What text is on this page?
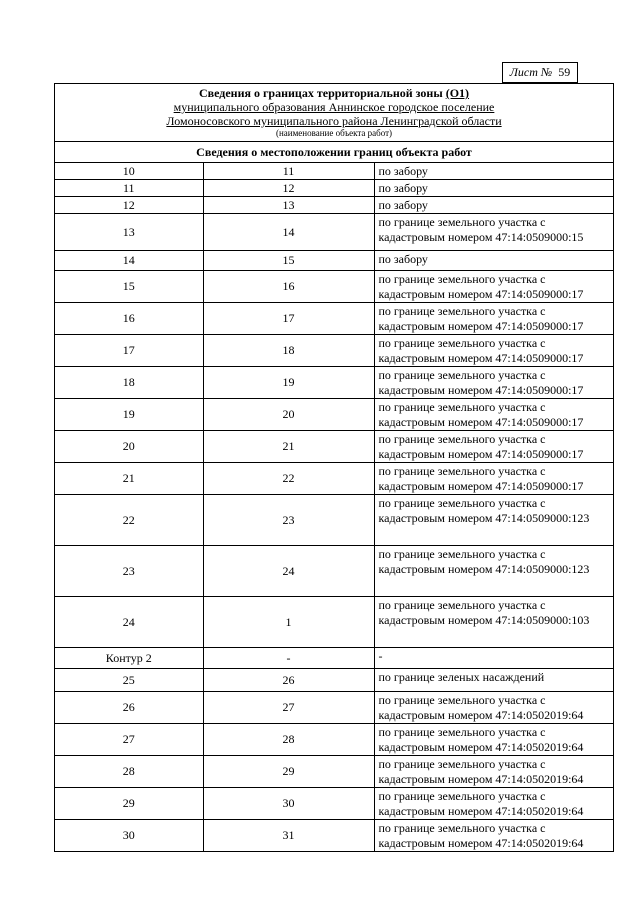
Лист № 59
Сведения о границах территориальной зоны (О1)
муниципального образования Аннинское городское поселение
Ломоносовского муниципального района Ленинградской области
(наименование объекта работ)
Сведения о местоположении границ объекта работ
10	11	по забору
11	12	по забору
12	13	по забору
13	14	по границе земельного участка с кадастровым номером 47:14:0509000:15
14	15	по забору
15	16	по границе земельного участка с кадастровым номером 47:14:0509000:17
16	17	по границе земельного участка с кадастровым номером 47:14:0509000:17
17	18	по границе земельного участка с кадастровым номером 47:14:0509000:17
18	19	по границе земельного участка с кадастровым номером 47:14:0509000:17
19	20	по границе земельного участка с кадастровым номером 47:14:0509000:17
20	21	по границе земельного участка с кадастровым номером 47:14:0509000:17
21	22	по границе земельного участка с кадастровым номером 47:14:0509000:17
22	23	по границе земельного участка с кадастровым номером 47:14:0509000:123
23	24	по границе земельного участка с кадастровым номером 47:14:0509000:123
24	1	по границе земельного участка с кадастровым номером 47:14:0509000:103
Контур 2	-	-
25	26	по границе зеленых насаждений
26	27	по границе земельного участка с кадастровым номером 47:14:0502019:64
27	28	по границе земельного участка с кадастровым номером 47:14:0502019:64
28	29	по границе земельного участка с кадастровым номером 47:14:0502019:64
29	30	по границе земельного участка с кадастровым номером 47:14:0502019:64
30	31	по границе земельного участка с кадастровым номером 47:14:0502019:64
